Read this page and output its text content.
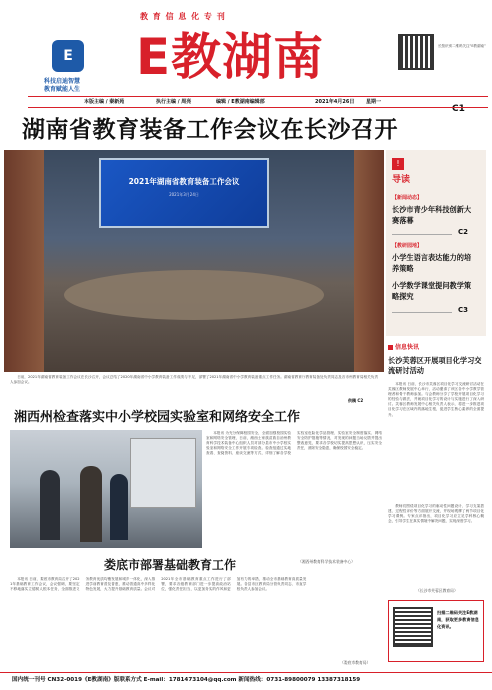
教 育 信 息 化 专 刊
E
科技启迪智慧
教育赋能人生
E教湖南	长按识别二维码关注“E教湖南”
C1
本版主编 / 秦新苑	执行主编 / 周亮	编辑 / E教湖南编辑部	2021年4月26日 星期一
湖南省教育装备工作会议在长沙召开
2021年湖南省教育装备工作会议
2021年3月24日

日前，2021年湖南省教育装备工作会议在长沙召开，会议总结了2020年湖南省中小学教育装备工作成绩与不足，部署了2021年湖南省中小学教育装备重点工作任务。湖南省教育厅教育装备处负责同志及各市州教育局相关负责人参加会议。

供稿 C2
!
导读
【新闻动态】
长沙市青少年科技创新大赛落幕
C2
【教研园地】
小学生语言表达能力的培养策略
小学数学课堂提问教学策略探究
C3
信息快讯
长沙芙蓉区开展项目化学习交流研讨活动

本报讯 日前，长沙市芙蓉区项目化学习交流研讨活动在芙蓉区教师发展中心举行，活动邀请了该区各中小学教学管理者和骨干教师参加。与会教师分享了学校开展项目化学习的经验与做法，并就项目化学习的设计与实施进行了深入研讨。芙蓉区教师发展中心相关负责人表示，将进一步推进项目化学习在区域内的落地生根，促进学生核心素养的全面提升。

教师们围绕项目化学习的驱动性问题设计、学习支架搭建、过程性评价等方面展开交流，并现场观摩了两节项目化学习课例。专家点评指出，项目化学习应立足学科核心概念，引导学生在真实情境中解决问题，实现深度学习。

（长沙市芙蓉区教育局）
扫描二维码关注E教湖南，获取更多教育信息化资讯。
湘西州检查落实中小学校园实验室和网络安全工作

本报讯 为充分保障校园安全，全面加强校园实验室和网络安全管理，日前，湘西土家族苗族自治州教育科学技术装备中心组织人员对部分县市中小学校实验室和网络安全工作开展专项检查。检查组通过实地查看、查阅资料、座谈交流等方式，详细了解各学校实验室危险化学品管理、实验室安全制度落实、网络安全防护措施等情况，对发现的问题当场反馈并提出整改意见，要求各学校切实提高思想认识，压实安全责任，消除安全隐患，确保校园安全稳定。

（湘西州教育科学技术装备中心）
娄底市部署基础教育工作

本报讯 日前，娄底市教育局召开了2021年基础教育工作会议，会议强调，要坚定不移地落实立德树人根本任务，全面推进义务教育优质均衡发展和城乡一体化，深入推进学前教育普及普惠，推动普通高中多样化特色发展，大力提升基础教育质量。会议对2021年全市基础教育重点工作进行了部署，要求各级教育部门进一步提高政治站位，强化责任担当，以更加务实的作风和更加有力的举措，推动全市基础教育高质量发展。各县市区教育局分管负责同志、市直学校负责人参加会议。

（娄底市教育局）
国内统一刊号 CN32-0019《E教湖南》版联系方式 E-mail：1781473104@qq.com 新闻热线：0731-89800079 13387318159
